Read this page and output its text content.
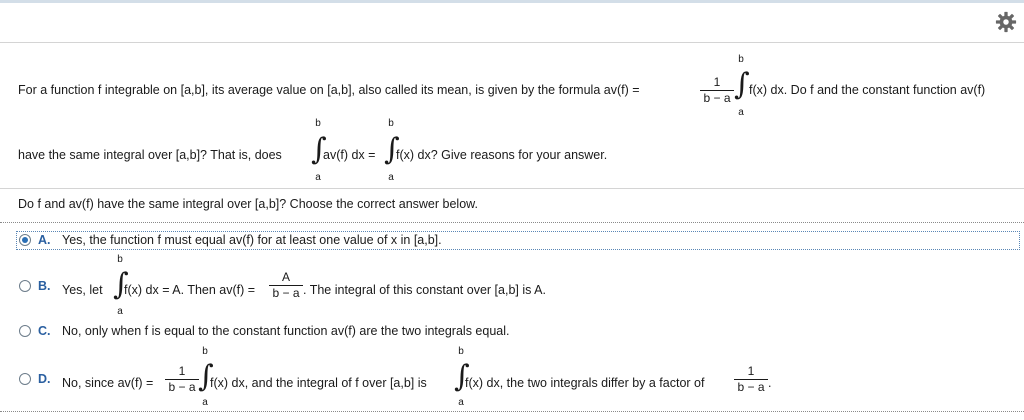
For a function f integrable on [a,b], its average value on [a,b], also called its mean, is given by the formula av(f) =
1
b − a
b
∫
a
f(x) dx. Do f and the constant function av(f)
have the same integral over [a,b]? That is, does
b
∫
a
av(f) dx =
b
∫
a
f(x) dx? Give reasons for your answer.
Do f and av(f) have the same integral over [a,b]? Choose the correct answer below.
A. Yes, the function f must equal av(f) for at least one value of x in [a,b].
B. Yes, let
b
∫
a
f(x) dx = A. Then av(f) =
A
b − a . The integral of this constant over [a,b] is A.
C. No, only when f is equal to the constant function av(f) are the two integrals equal.
D. No, since av(f) =
1
b − a
b
∫
a
f(x) dx, and the integral of f over [a,b] is
b
∫
a
f(x) dx, the two integrals differ by a factor of
1
b − a .
